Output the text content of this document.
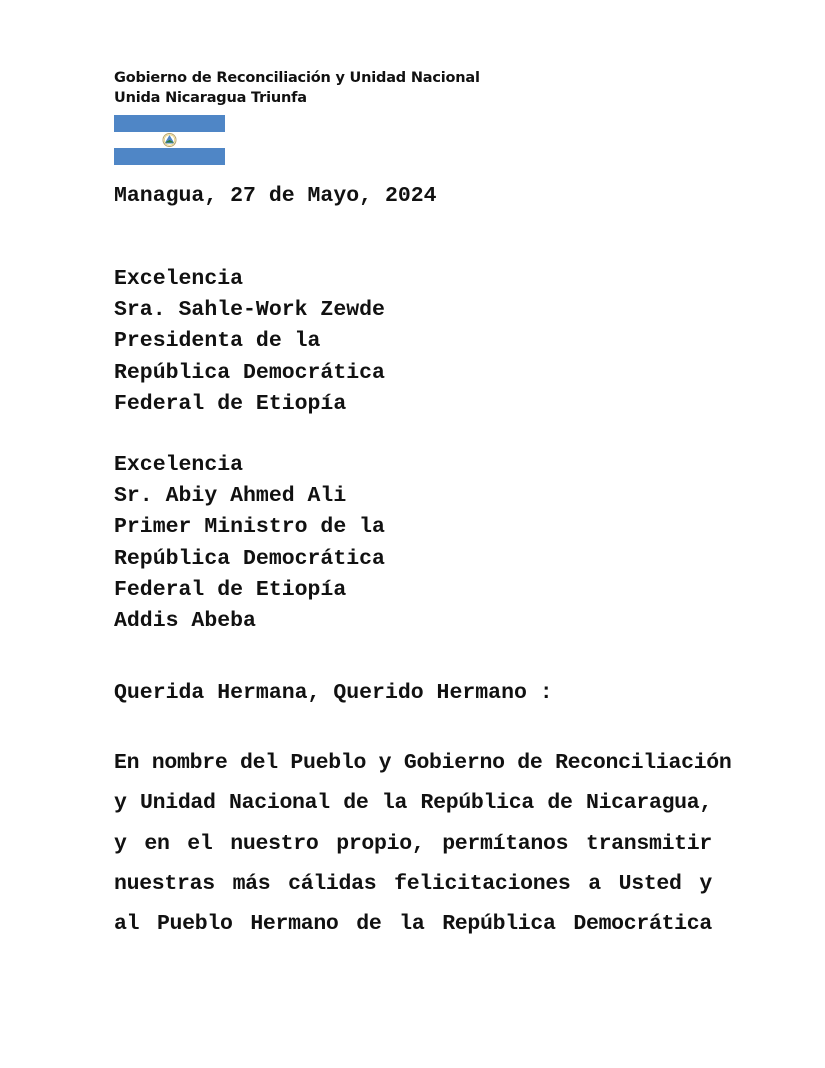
Gobierno de Reconciliación y Unidad Nacional
Unida Nicaragua Triunfa
Managua, 27 de Mayo, 2024
Excelencia
Sra. Sahle-Work Zewde
Presidenta de la
República Democrática
Federal de Etiopía
Excelencia
Sr. Abiy Ahmed Ali
Primer Ministro de la
República Democrática
Federal de Etiopía
Addis Abeba
Querida Hermana, Querido Hermano :
En nombre del Pueblo y Gobierno de Reconciliación
y Unidad Nacional de la República de Nicaragua,
y en el nuestro propio, permítanos transmitir
nuestras más cálidas felicitaciones a Usted y
al Pueblo Hermano de la República Democrática
